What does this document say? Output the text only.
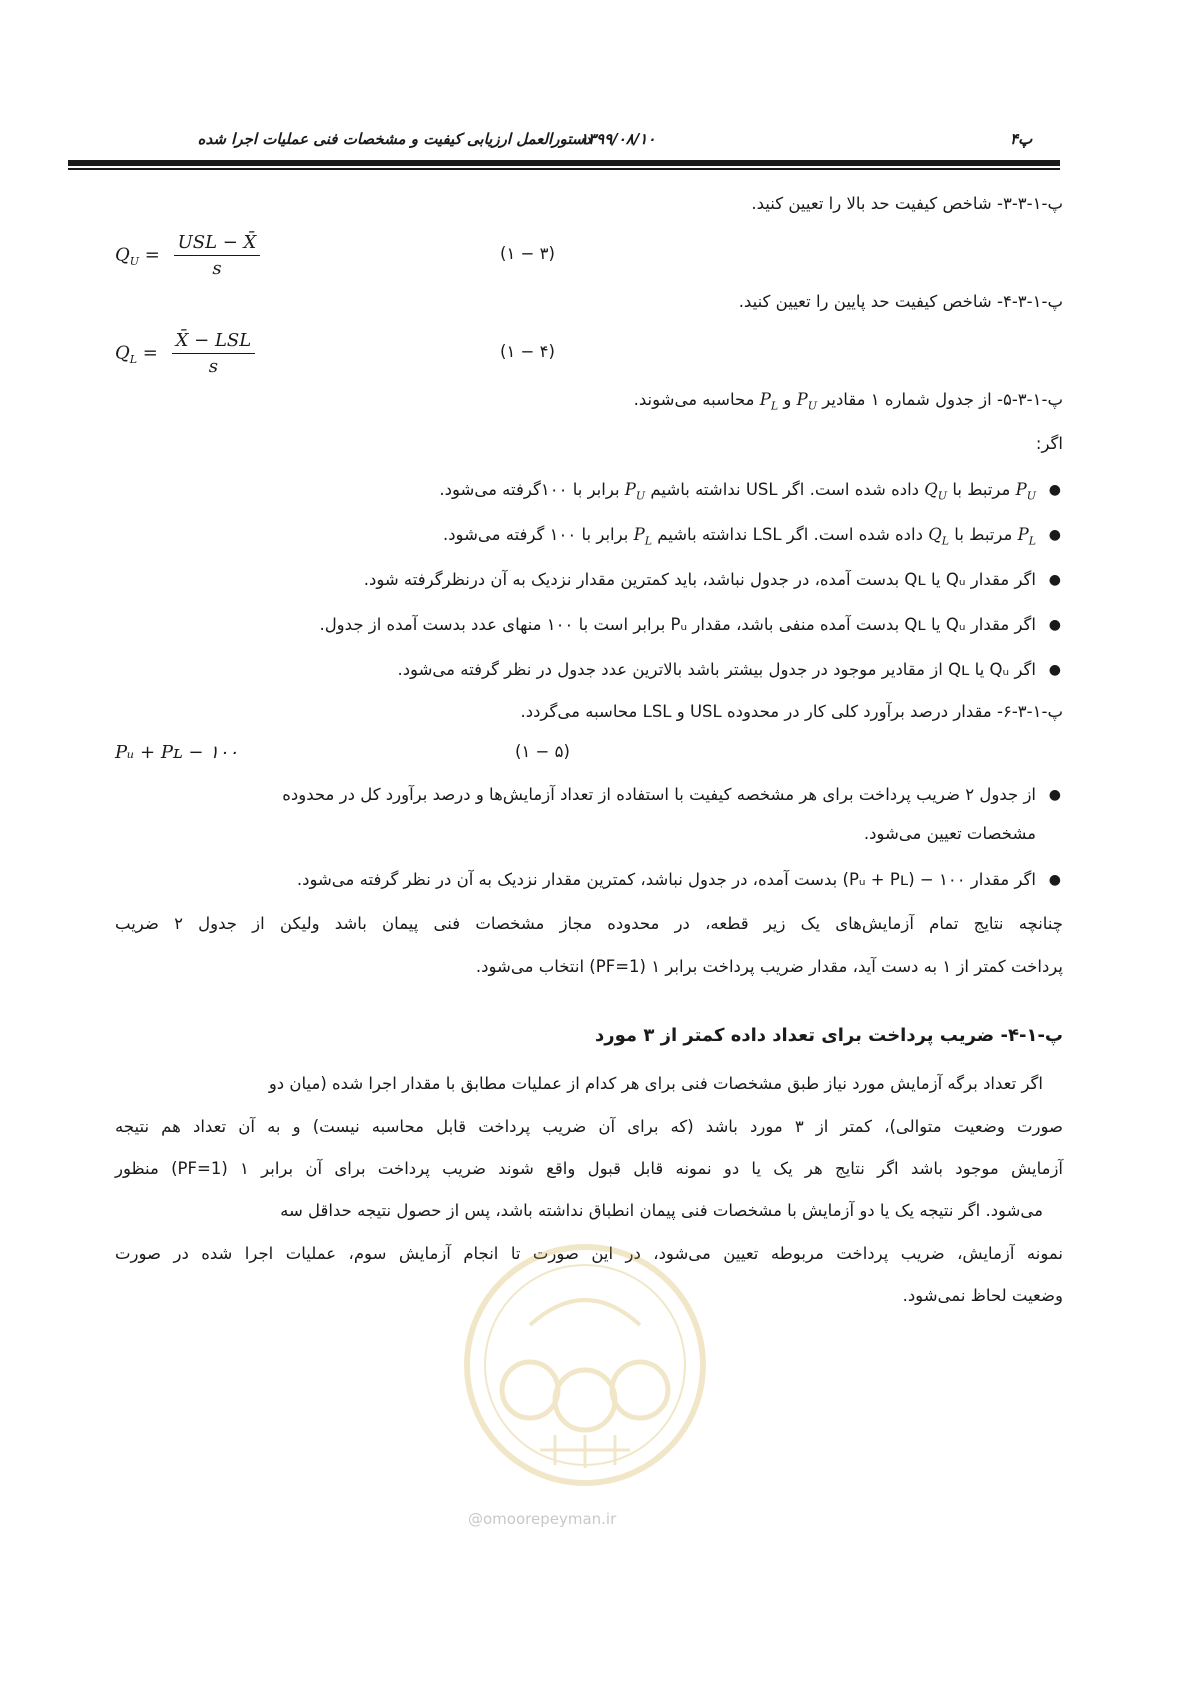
دستورالعمل ارزیابی کیفیت و مشخصات فنی عملیات اجرا شده
۱۳۹۹/۰۸/۱۰	پ۴
پ-۱-۳-۳- شاخص کیفیت حد بالا را تعیین کنید.
$Q_U = \frac{\text{USL − X̄}}{s}$	(۳ − ۱)
پ-۱-۳-۴- شاخص کیفیت حد پایین را تعیین کنید.
$Q_L = \frac{\text{X̄ − LSL}}{s}$	(۴ − ۱)
پ-۱-۳-۵- از جدول شماره ۱ مقادیر $P_U$ و $P_L$ محاسبه می‌شوند.
اگر:
●
$P_U$ مرتبط با $Q_U$ داده شده است. اگر USL نداشته باشیم $P_U$ برابر با ۱۰۰گرفته می‌شود.
●
$P_L$ مرتبط با $Q_L$ داده شده است. اگر LSL نداشته باشیم $P_L$ برابر با ۱۰۰ گرفته می‌شود.
●
اگر مقدار Qᵤ یا Qʟ بدست آمده، در جدول نباشد، باید کمترین مقدار نزدیک به آن درنظرگرفته شود.
●
اگر مقدار Qᵤ یا Qʟ بدست آمده منفی باشد، مقدار Pᵤ برابر است با ۱۰۰ منهای عدد بدست آمده از جدول.
●
اگر Qᵤ یا Qʟ از مقادیر موجود در جدول بیشتر باشد بالاترین عدد جدول در نظر گرفته می‌شود.
پ-۱-۳-۶- مقدار درصد برآورد کلی کار در محدوده USL و LSL محاسبه می‌گردد.
Pᵤ + Pʟ − ۱۰۰	(۵ − ۱)
●
از جدول ۲ ضریب پرداخت برای هر مشخصه کیفیت با استفاده از تعداد آزمایش‌ها و درصد برآورد کل در محدوده
مشخصات تعیین می‌شود.
●
اگر مقدار ۱۰۰ − (Pᵤ + Pʟ) بدست آمده، در جدول نباشد، کمترین مقدار نزدیک به آن در نظر گرفته می‌شود.
چنانچه نتایج تمام آزمایش‌های یک زیر قطعه، در محدوده مجاز مشخصات فنی پیمان باشد ولیکن از جدول ۲ ضریب
پرداخت کمتر از ۱ به دست آید، مقدار ضریب پرداخت برابر ۱ (PF=1) انتخاب می‌شود.
پ-۱-۴- ضریب پرداخت برای تعداد داده کمتر از ۳ مورد
اگر تعداد برگه آزمایش مورد نیاز طبق مشخصات فنی برای هر کدام از عملیات مطابق با مقدار اجرا شده (میان دو
صورت وضعیت متوالی)، کمتر از ۳ مورد باشد (که برای آن ضریب پرداخت قابل محاسبه نیست) و به آن تعداد هم نتیجه
آزمایش موجود باشد اگر نتایج هر یک یا دو نمونه قابل قبول واقع شوند ضریب پرداخت برای آن برابر ۱ (PF=1) منظور
می‌شود. اگر نتیجه یک یا دو آزمایش با مشخصات فنی پیمان انطباق نداشته باشد، پس از حصول نتیجه حداقل سه
نمونه آزمایش، ضریب پرداخت مربوطه تعیین می‌شود، در این صورت تا انجام آزمایش سوم، عملیات اجرا شده در صورت
وضعیت لحاظ نمی‌شود.
@omoorepeyman.ir
